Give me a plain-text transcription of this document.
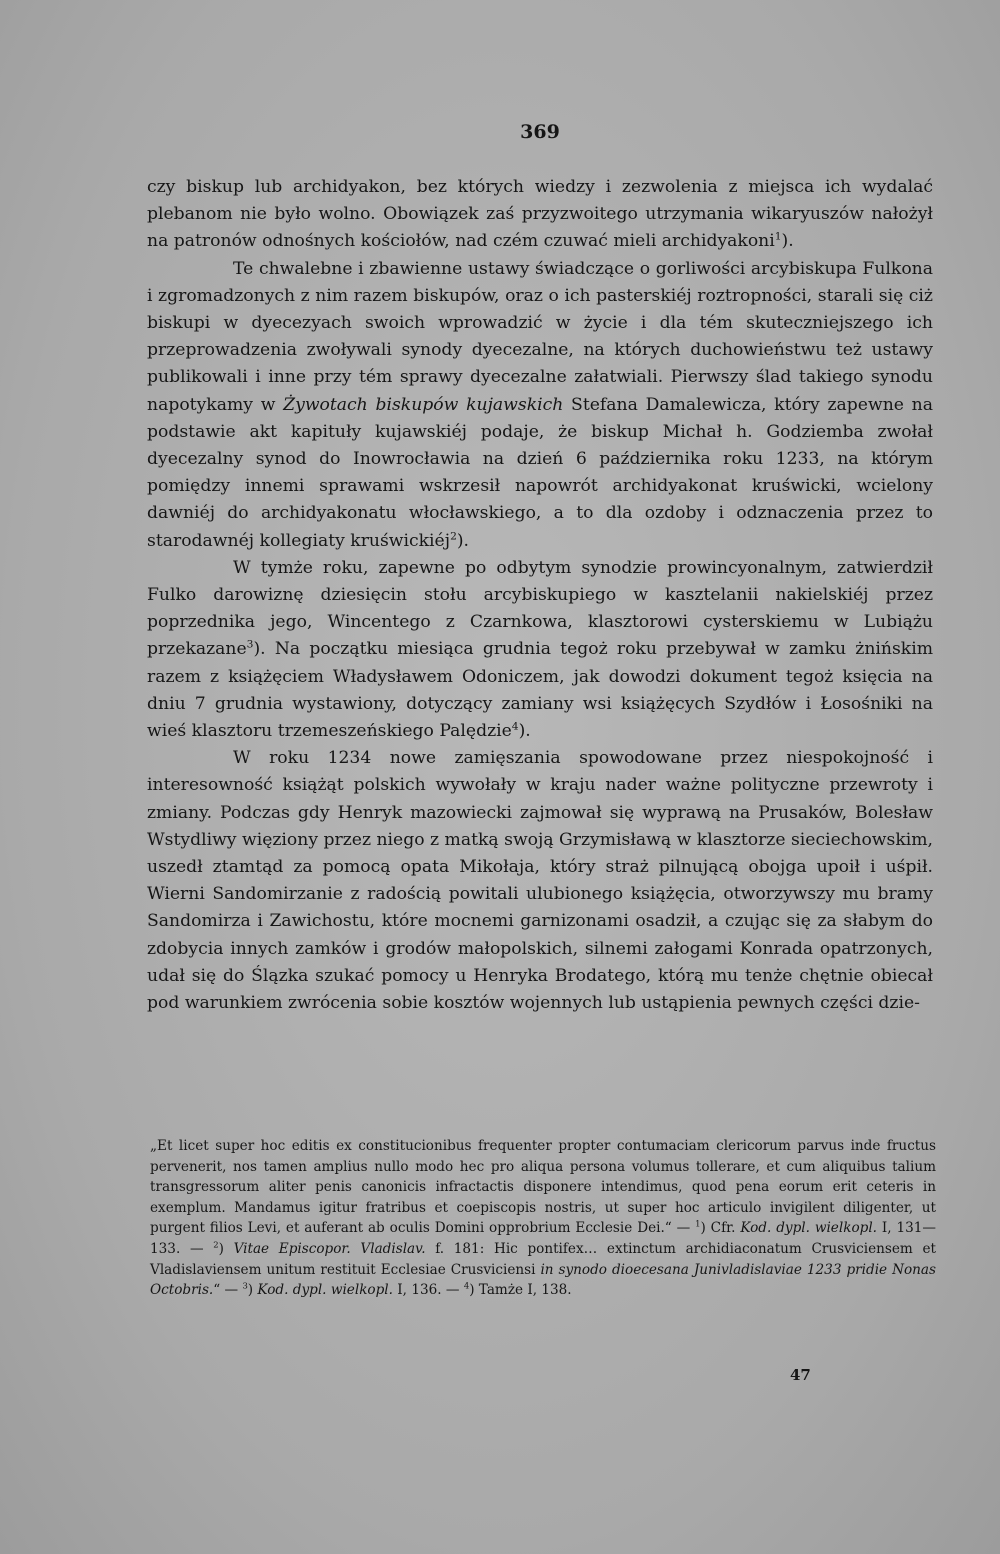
369

czy biskup lub archidyakon, bez których wiedzy i zezwolenia z miejsca ich wydalać plebanom nie było wolno. Obowiązek zaś przyzwoitego utrzymania wikaryuszów nałożył na patronów odnośnych kościołów, nad czém czuwać mieli archidyakoni$^1$).

Te chwalebne i zbawienne ustawy świadczące o gorliwości arcybiskupa Fulkona i zgromadzonych z nim razem biskupów, oraz o ich pasterskiéj roztropności, starali się ciż biskupi w dyecezyach swoich wprowadzić w życie i dla tém skuteczniejszego ich przeprowadzenia zwoływali synody dyecezalne, na których duchowieństwu też ustawy publikowali i inne przy tém sprawy dyecezalne załatwiali. Pierwszy ślad takiego synodu napotykamy w Żywotach biskupów kujawskich Stefana Damalewicza, który zapewne na podstawie akt kapituły kujawskiéj podaje, że biskup Michał h. Godziemba zwołał dyecezalny synod do Inowrocławia na dzień 6 października roku 1233, na którym pomiędzy innemi sprawami wskrzesił napowrót archidyakonat kruświcki, wcielony dawniéj do archidyakonatu włocławskiego, a to dla ozdoby i odznaczenia przez to starodawnéj kollegiaty kruświckiéj$^2$).

W tymże roku, zapewne po odbytym synodzie prowincyonalnym, zatwierdził Fulko darowiznę dziesięcin stołu arcybiskupiego w kasztelanii nakielskiéj przez poprzednika jego, Wincentego z Czarnkowa, klasztorowi cysterskiemu w Lubiążu przekazane$^3$). Na początku miesiąca grudnia tegoż roku przebywał w zamku żnińskim razem z książęciem Władysławem Odoniczem, jak dowodzi dokument tegoż księcia na dniu 7 grudnia wystawiony, dotyczący zamiany wsi książęcych Szydłów i Łosośniki na wieś klasztoru trzemeszeńskiego Palędzie$^4$).

W roku 1234 nowe zamięszania spowodowane przez niespokojność i interesowność książąt polskich wywołały w kraju nader ważne polityczne przewroty i zmiany. Podczas gdy Henryk mazowiecki zajmował się wyprawą na Prusaków, Bolesław Wstydliwy więziony przez niego z matką swoją Grzymisławą w klasztorze sieciechowskim, uszedł ztamtąd za pomocą opata Mikołaja, który straż pilnującą obojga upoił i uśpił. Wierni Sandomirzanie z radością powitali ulubionego książęcia, otworzywszy mu bramy Sandomirza i Zawichostu, które mocnemi garnizonami osadził, a czując się za słabym do zdobycia innych zamków i grodów małopolskich, silnemi załogami Konrada opatrzonych, udał się do Ślązka szukać pomocy u Henryka Brodatego, którą mu tenże chętnie obiecał pod warunkiem zwrócenia sobie kosztów wojennych lub ustąpienia pewnych części dzie-

„Et licet super hoc editis ex constitucionibus frequenter propter contumaciam clericorum parvus inde fructus pervenerit, nos tamen amplius nullo modo hec pro aliqua persona volumus tollerare, et cum aliquibus talium transgressorum aliter penis canonicis infractactis disponere intendimus, quod pena eorum erit ceteris in exemplum. Mandamus igitur fratribus et coepiscopis nostris, ut super hoc articulo invigilent diligenter, ut purgent filios Levi, et auferant ab oculis Domini opprobrium Ecclesie Dei.“ — $^1$) Cfr. Kod. dypl. wielkopl. I, 131—133. — $^2$) Vitae Episcopor. Vladislav. f. 181: Hic pontifex… extinctum archidiaconatum Crusviciensem et Vladislaviensem unitum restituit Ecclesiae Crusviciensi in synodo dioecesana Junivladislaviae 1233 pridie Nonas Octobris.“ — $^3$) Kod. dypl. wielkopl. I, 136. — $^4$) Tamże I, 138.

47
